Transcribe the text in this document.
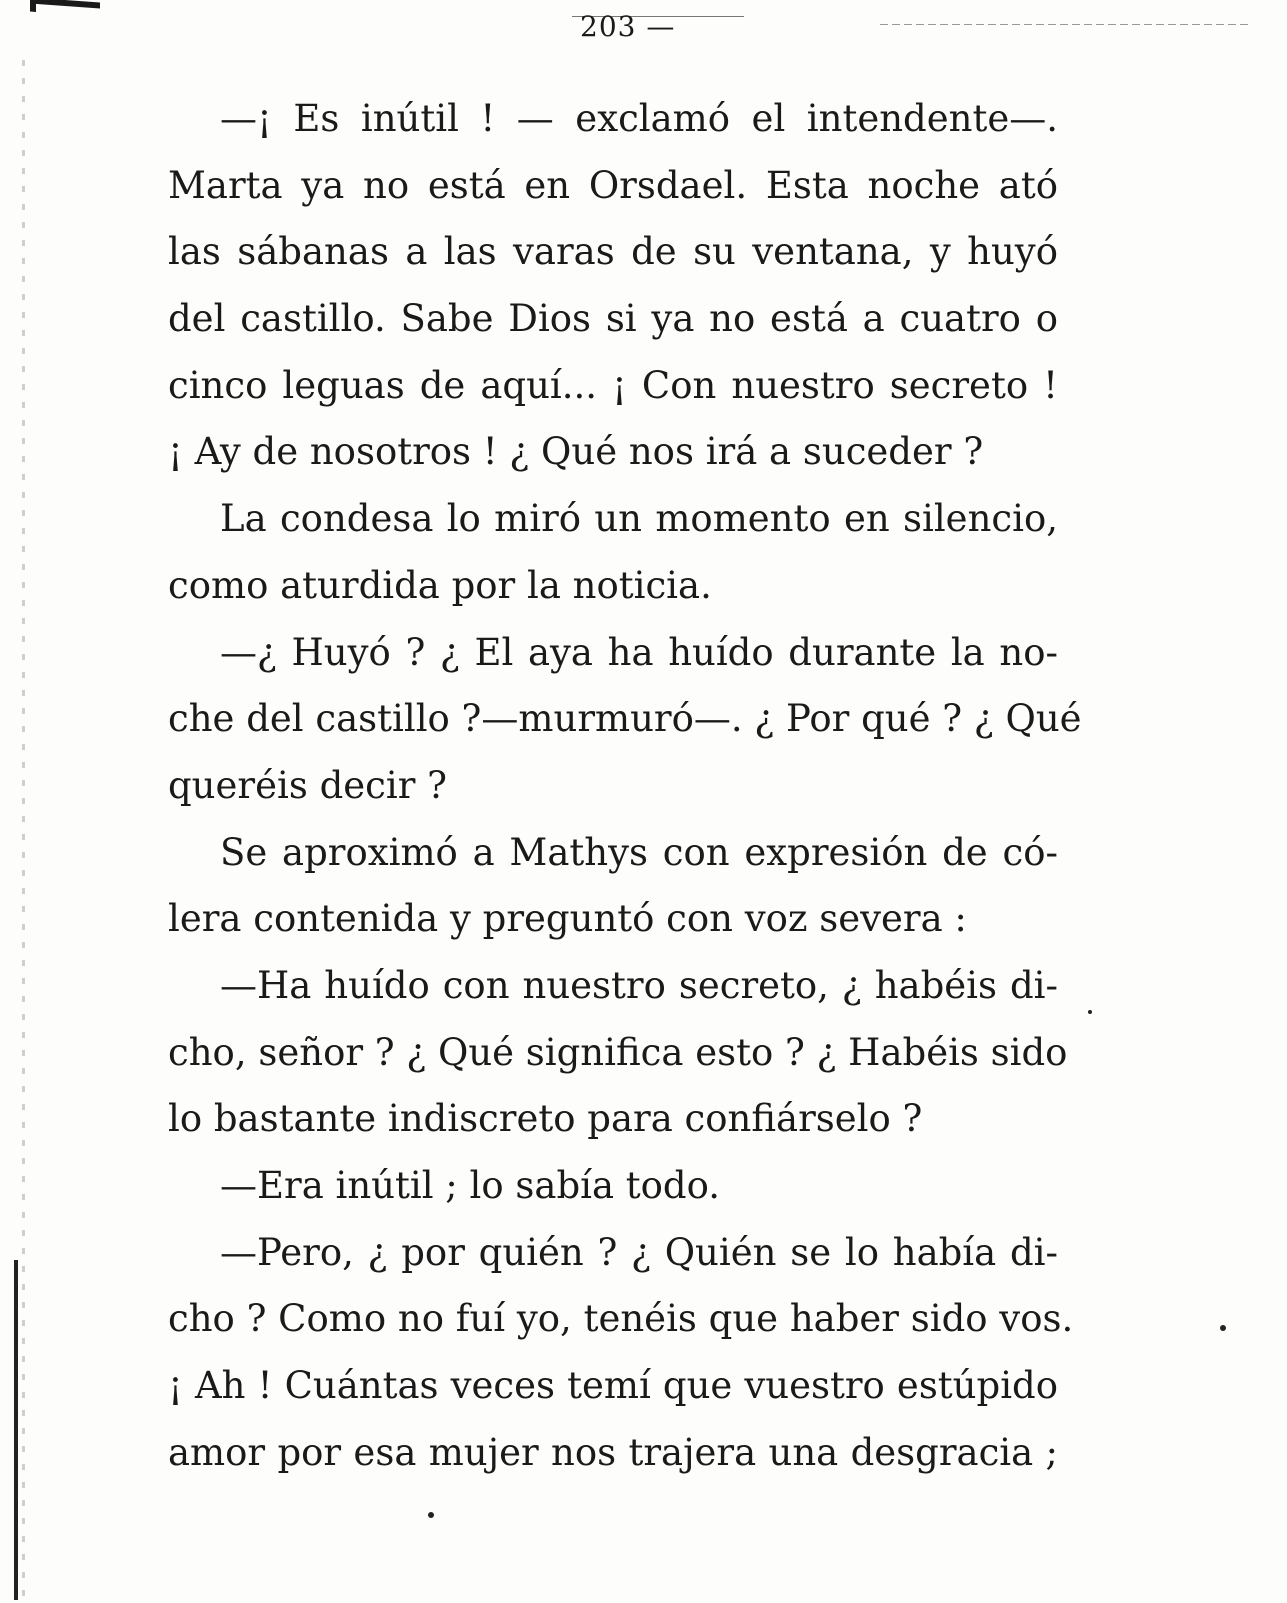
203 —
—¡ Es inútil ! — exclamó el intendente—.
Marta ya no está en Orsdael. Esta noche ató
las sábanas a las varas de su ventana, y huyó
del castillo. Sabe Dios si ya no está a cuatro o
cinco leguas de aquí... ¡ Con nuestro secreto !
¡ Ay de nosotros ! ¿ Qué nos irá a suceder ?
La condesa lo miró un momento en silencio,
como aturdida por la noticia.
—¿ Huyó ? ¿ El aya ha huído durante la no-
che del castillo ?—murmuró—. ¿ Por qué ? ¿ Qué
queréis decir ?
Se aproximó a Mathys con expresión de có-
lera contenida y preguntó con voz severa :
—Ha huído con nuestro secreto, ¿ habéis di-
cho, señor ? ¿ Qué significa esto ? ¿ Habéis sido
lo bastante indiscreto para confiárselo ?
—Era inútil ; lo sabía todo.
—Pero, ¿ por quién ? ¿ Quién se lo había di-
cho ? Como no fuí yo, tenéis que haber sido vos.
¡ Ah ! Cuántas veces temí que vuestro estúpido
amor por esa mujer nos trajera una desgracia ;
